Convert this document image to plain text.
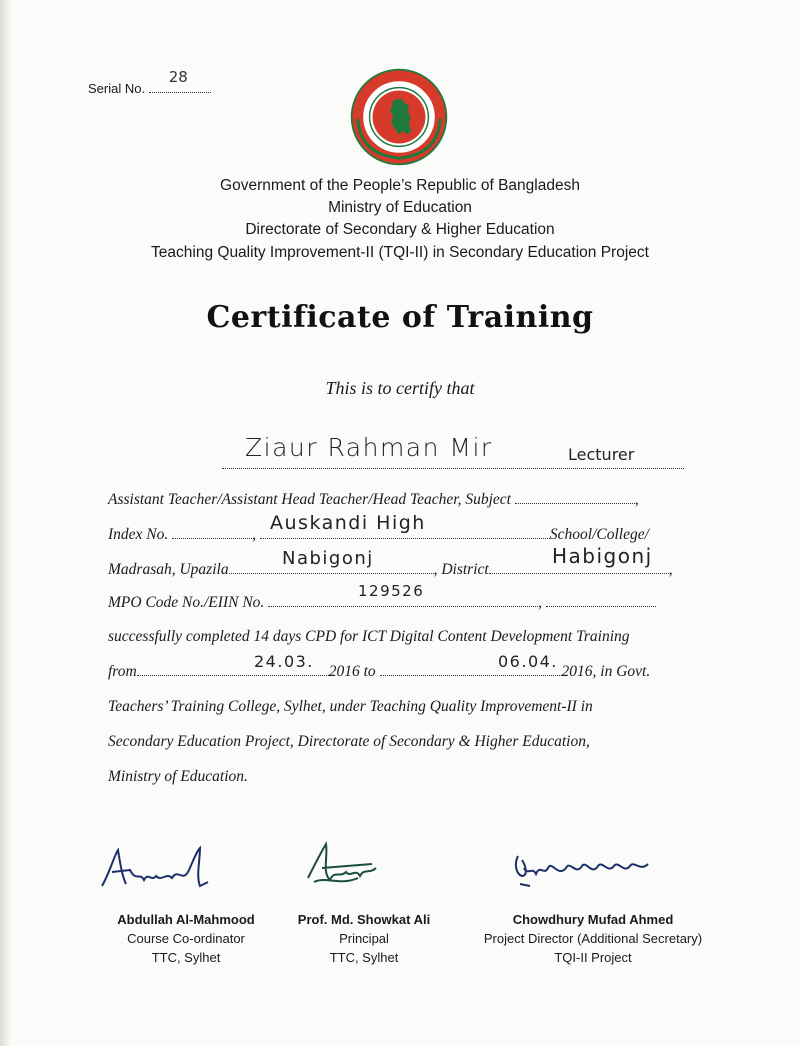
Serial No.
28
Government of the People’s Republic of Bangladesh
Ministry of Education
Directorate of Secondary & Higher Education
Teaching Quality Improvement-II (TQI-II) in Secondary Education Project
Certificate of Training
This is to certify that
Ziaur Rahman Mir	Lecturer
Assistant Teacher/Assistant Head Teacher/Head Teacher, Subject	,
Index No.	,	School/College/
Auskandi High
Madrasah, Upazila	, District	,
Nabigonj	Habigonj
MPO Code No./EIIN No.	,
129526
successfully completed 14 days CPD for ICT Digital Content Development Training
from	2016 to	2016, in Govt.
24.03.	06.04.
Teachers’ Training College, Sylhet, under Teaching Quality Improvement-II in
Secondary Education Project, Directorate of Secondary & Higher Education,
Ministry of Education.
Abdullah Al-Mahmood
Course Co-ordinator
TTC, Sylhet
Prof. Md. Showkat Ali
Principal
TTC, Sylhet
Chowdhury Mufad Ahmed
Project Director (Additional Secretary)
TQI-II Project
